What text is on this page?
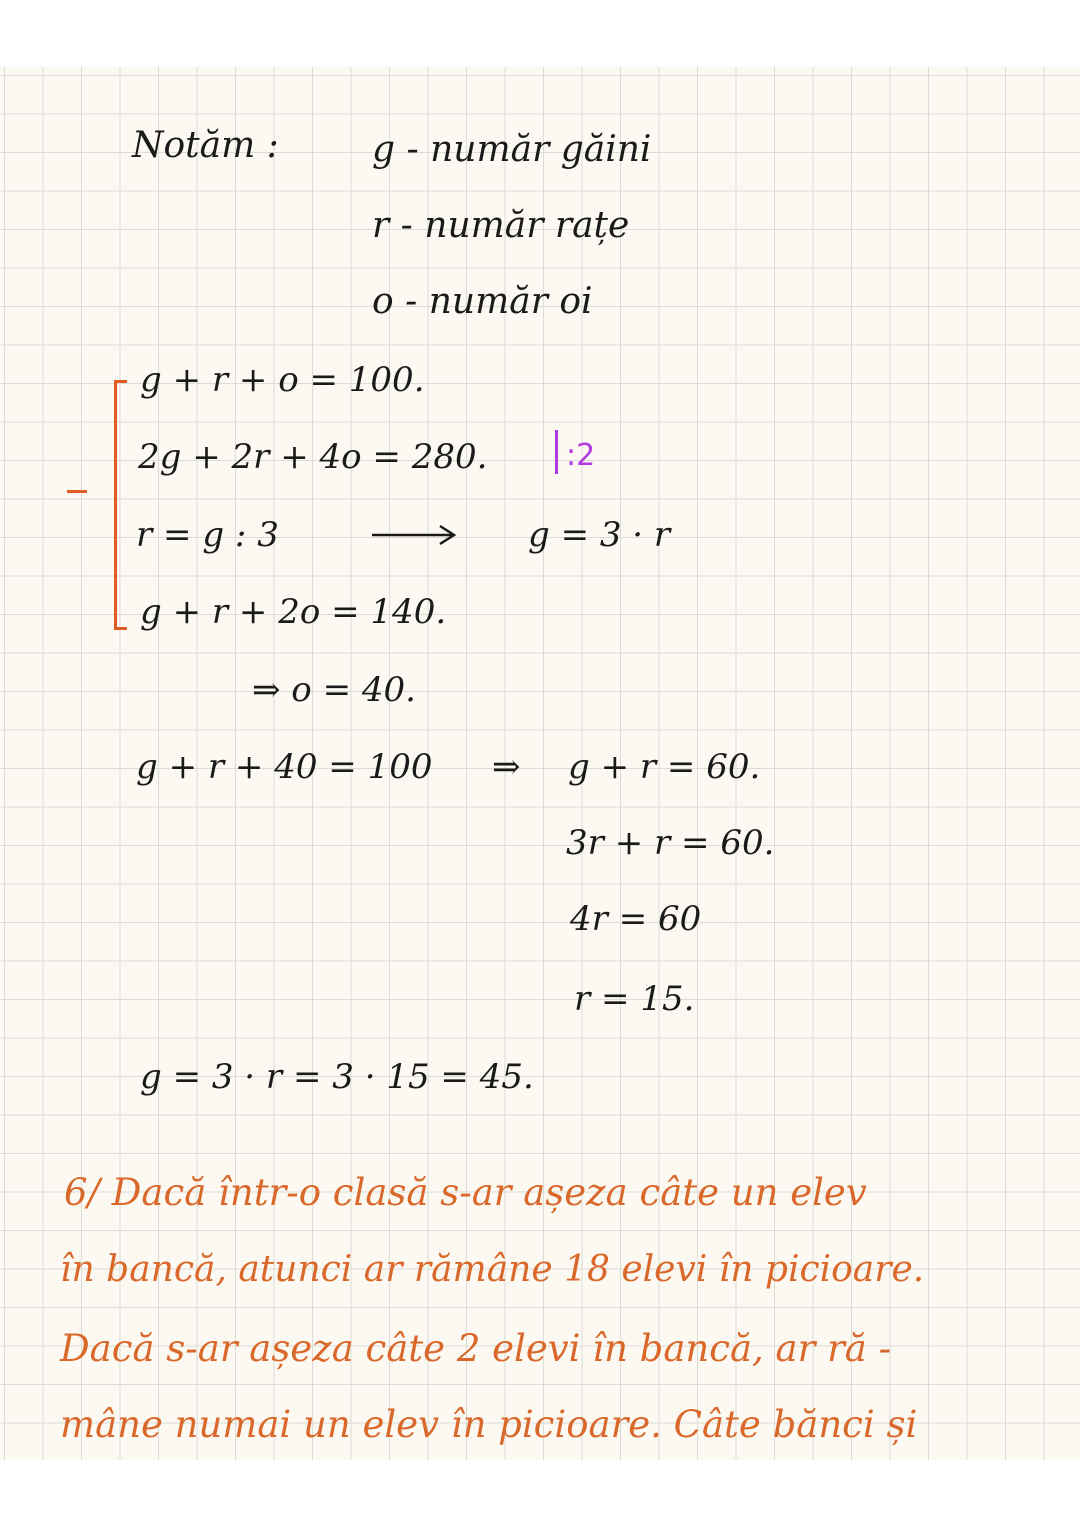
Notăm :	g - număr găini
r - număr rațe
o - număr oi
g + r + o = 100.
2g + 2r + 4o = 280.	:2
r = g : 3	g = 3 · r
g + r + 2o = 140.
⇒ o = 40.
g + r + 40 = 100 ⇒ g + r = 60.
3r + r = 60.
4r = 60
r = 15.
g = 3 · r = 3 · 15 = 45.
6/ Dacă într-o clasă s-ar așeza câte un elev
în bancă, atunci ar rămâne 18 elevi în picioare.
Dacă s-ar așeza câte 2 elevi în bancă, ar ră -
mâne numai un elev în picioare. Câte bănci și
